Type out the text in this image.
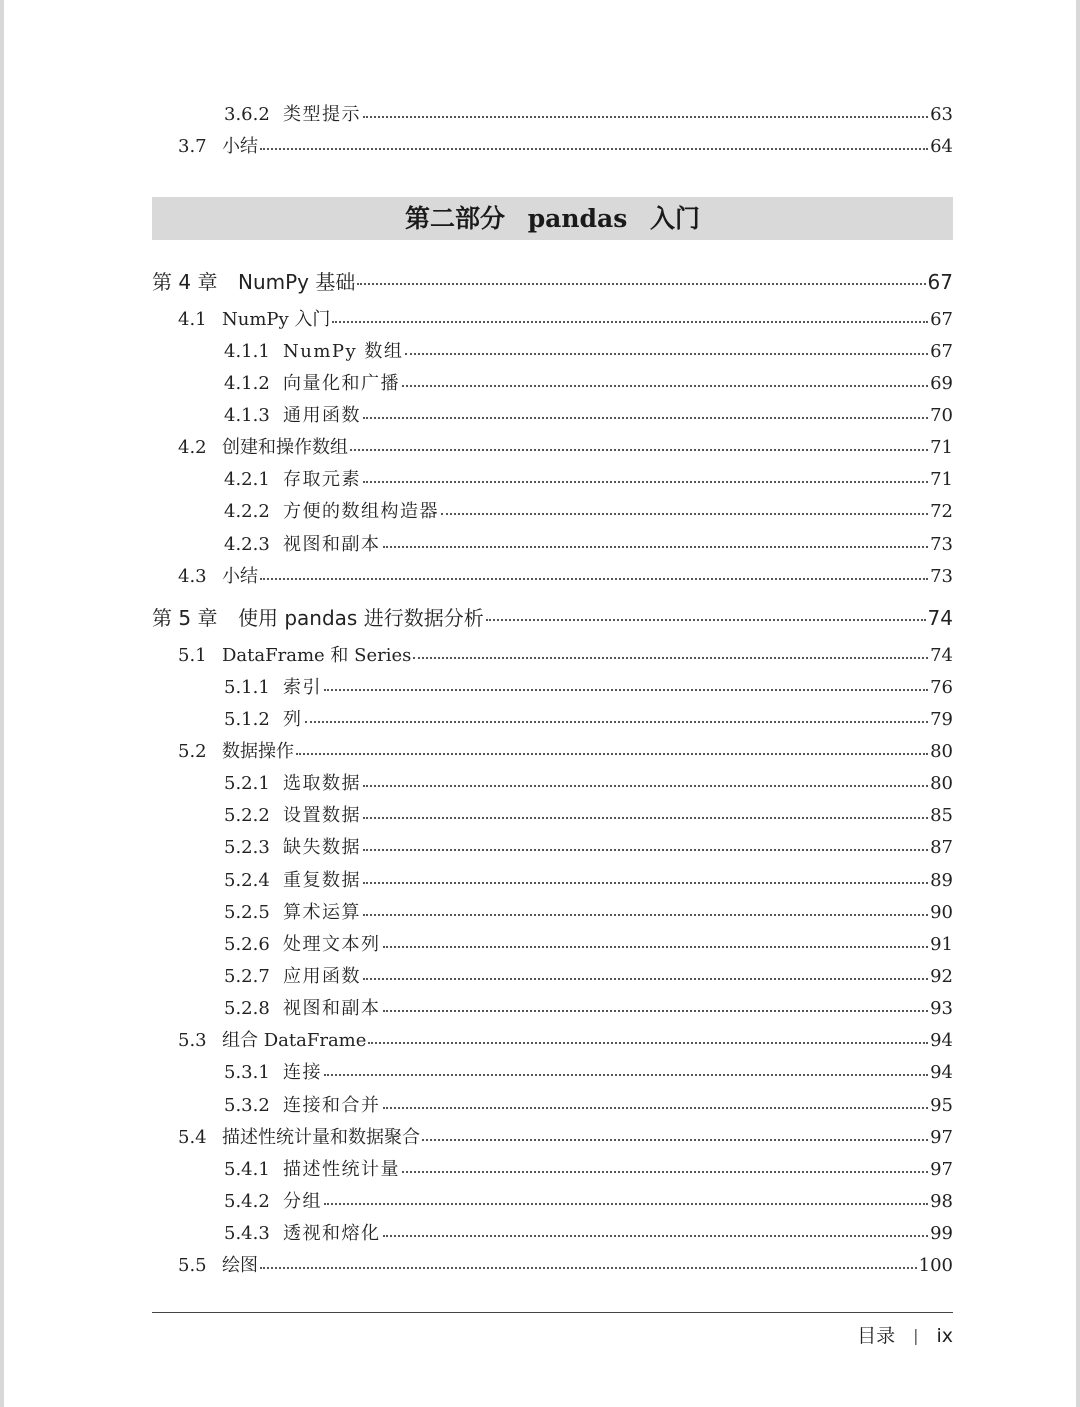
3.6.2 类型提示	63
3.7 小结	64
第二部分 pandas 入门
第 4 章	NumPy 基础	67
4.1 NumPy 入门	67
4.1.1 NumPy 数组	67
4.1.2 向量化和广播	69
4.1.3 通用函数	70
4.2 创建和操作数组	71
4.2.1 存取元素	71
4.2.2 方便的数组构造器	72
4.2.3 视图和副本	73
4.3 小结	73
第 5 章	使用 pandas 进行数据分析	74
5.1 DataFrame 和 Series	74
5.1.1 索引	76
5.1.2 列	79
5.2 数据操作	80
5.2.1 选取数据	80
5.2.2 设置数据	85
5.2.3 缺失数据	87
5.2.4 重复数据	89
5.2.5 算术运算	90
5.2.6 处理文本列	91
5.2.7 应用函数	92
5.2.8 视图和副本	93
5.3 组合 DataFrame	94
5.3.1 连接	94
5.3.2 连接和合并	95
5.4 描述性统计量和数据聚合	97
5.4.1 描述性统计量	97
5.4.2 分组	98
5.4.3 透视和熔化	99
5.5 绘图	100
目录 | ix
